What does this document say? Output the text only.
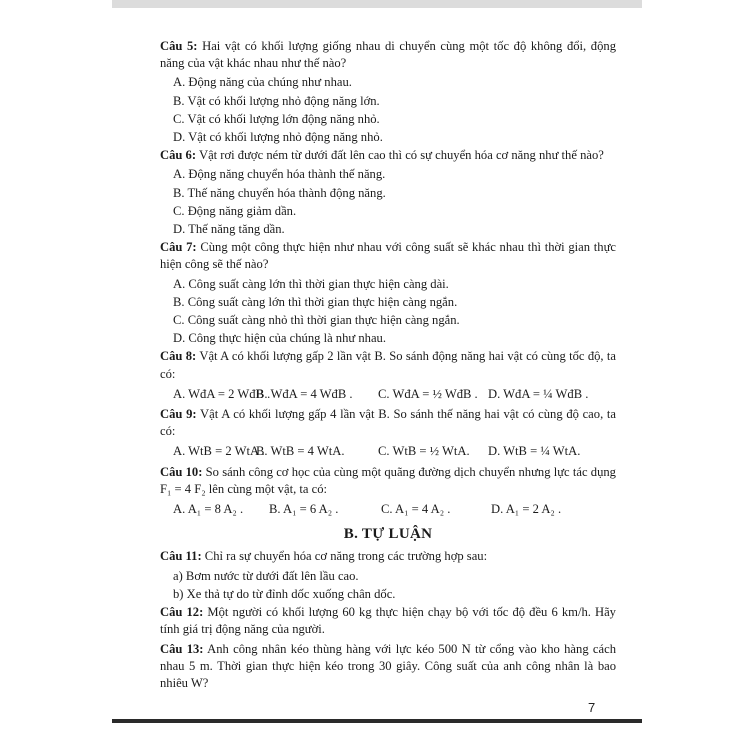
Câu 5: Hai vật có khối lượng giống nhau di chuyển cùng một tốc độ không đổi, động năng của vật khác nhau như thế nào?

A. Động năng của chúng như nhau.
B. Vật có khối lượng nhỏ động năng lớn.
C. Vật có khối lượng lớn động năng nhỏ.
D. Vật có khối lượng nhỏ động năng nhỏ.

Câu 6: Vật rơi được ném từ dưới đất lên cao thì có sự chuyển hóa cơ năng như thế nào?

A. Động năng chuyển hóa thành thế năng.
B. Thế năng chuyển hóa thành động năng.
C. Động năng giảm dần.
D. Thế năng tăng dần.

Câu 7: Cùng một công thực hiện như nhau với công suất sẽ khác nhau thì thời gian thực hiện công sẽ thế nào?

A. Công suất càng lớn thì thời gian thực hiện càng dài.
B. Công suất càng lớn thì thời gian thực hiện càng ngắn.
C. Công suất càng nhỏ thì thời gian thực hiện càng ngắn.
D. Công thực hiện của chúng là như nhau.

Câu 8: Vật A có khối lượng gấp 2 lần vật B. So sánh động năng hai vật có cùng tốc độ, ta có:

A. WđA = 2 WđB .
B. WđA = 4 WđB .	C. WđA = ½ WđB . D. WđA = ¼ WđB .

Câu 9: Vật A có khối lượng gấp 4 lần vật B. So sánh thế năng hai vật có cùng độ cao, ta có:

A. WtB = 2 WtA .
B. WtB = 4 WtA.	C. WtB = ½ WtA.	D. WtB = ¼ WtA.

Câu 10: So sánh công cơ học của cùng một quãng đường dịch chuyển nhưng lực tác dụng F₁ = 4 F₂ lên cùng một vật, ta có:

A. A₁ = 8 A₂ .	B. A₁ = 6 A₂ .	C. A₁ = 4 A₂ .	D. A₁ = 2 A₂ .
B. TỰ LUẬN

Câu 11: Chỉ ra sự chuyển hóa cơ năng trong các trường hợp sau:

a) Bơm nước từ dưới đất lên lầu cao.
b) Xe thả tự do từ đỉnh dốc xuống chân dốc.

Câu 12: Một người có khối lượng 60 kg thực hiện chạy bộ với tốc độ đều 6 km/h. Hãy tính giá trị động năng của người.

Câu 13: Anh công nhân kéo thùng hàng với lực kéo 500 N từ cổng vào kho hàng cách nhau 5 m. Thời gian thực hiện kéo trong 30 giây. Công suất của anh công nhân là bao nhiêu W?

7
